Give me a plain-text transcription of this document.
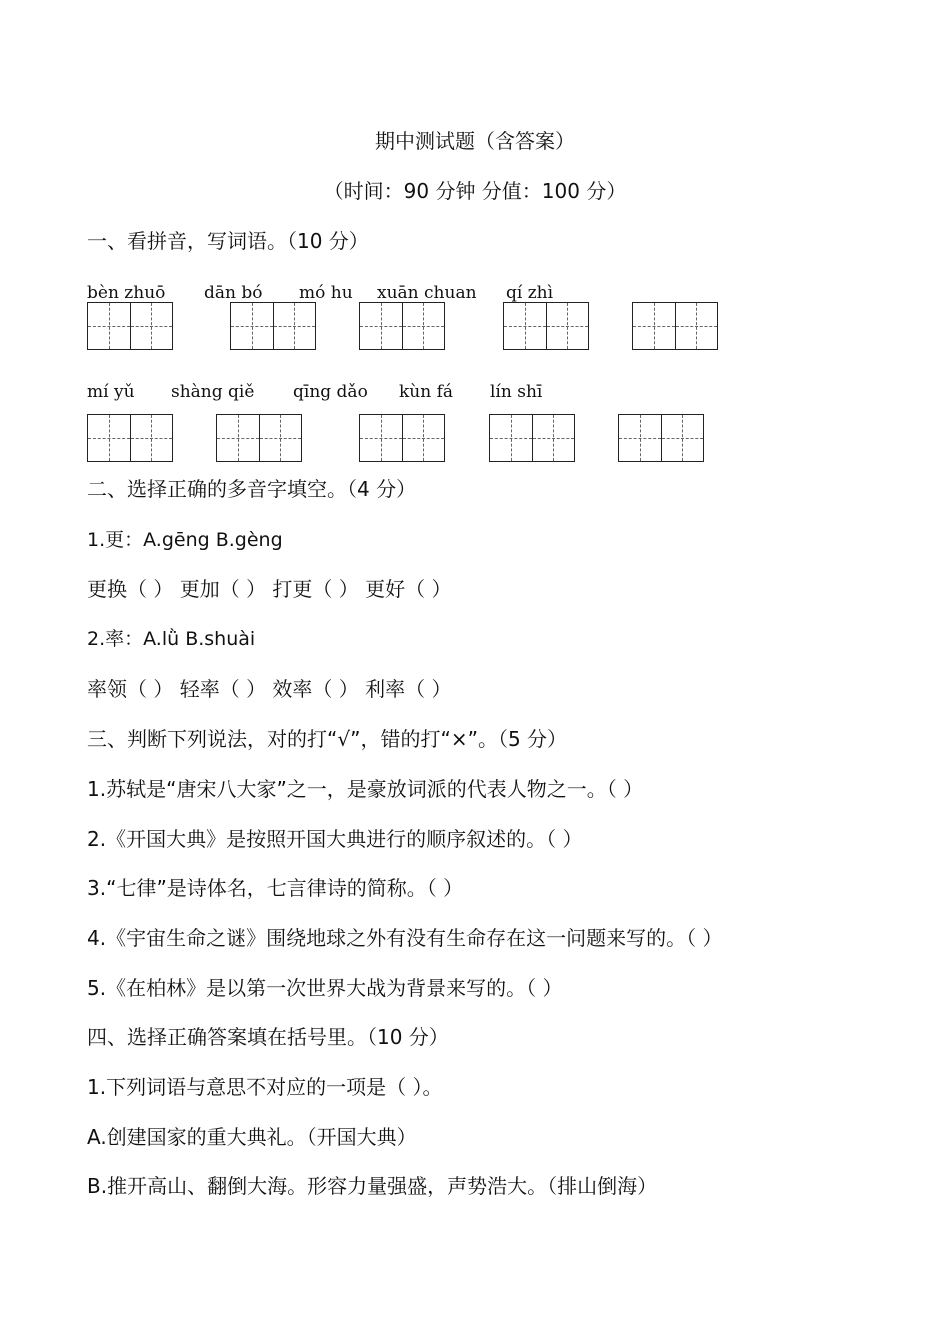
期中测试题（含答案）
（时间：90 分钟 分值：100 分）
一、看拼音，写词语。（10 分）
bèn zhuō dān bó mó hu xuān chuan qí zhì
mí yǔ shàng qiě qīng dǎo kùn fá lín shī
二、选择正确的多音字填空。（4 分）
1.更：A.gēng B.gèng
更换（ ） 更加（ ） 打更（ ） 更好（ ）
2.率：A.lǜ B.shuài
率领（ ） 轻率（ ） 效率（ ） 利率（ ）
三、判断下列说法，对的打“√”，错的打“×”。（5 分）
1.苏轼是“唐宋八大家”之一，是豪放词派的代表人物之一。（ ）
2.《开国大典》是按照开国大典进行的顺序叙述的。（ ）
3.“七律”是诗体名，七言律诗的简称。（ ）
4.《宇宙生命之谜》围绕地球之外有没有生命存在这一问题来写的。（ ）
5.《在柏林》是以第一次世界大战为背景来写的。（ ）
四、选择正确答案填在括号里。（10 分）
1.下列词语与意思不对应的一项是（ ）。
A.创建国家的重大典礼。（开国大典）
B.推开高山、翻倒大海。形容力量强盛，声势浩大。（排山倒海）
